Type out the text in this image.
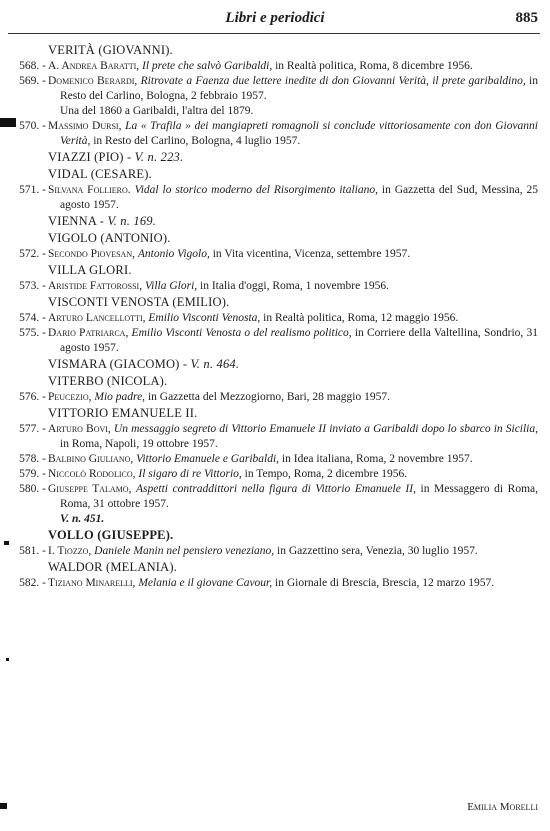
Libri e periodici	885
VERITÀ (GIOVANNI).
568. - A. Andrea Baratti, Il prete che salvò Garibaldi, in Realtà politica, Roma, 8 dicembre 1956.
569. - Domenico Berardi, Ritrovate a Faenza due lettere inedite di don Giovanni Verità, il prete garibaldino, in Resto del Carlino, Bologna, 2 febbraio 1957.
Una del 1860 a Garibaldi, l'altra del 1879.
570. - Massimo Dursi, La « Trafila » dei mangiapreti romagnoli si conclude vittoriosamente con don Giovanni Verità, in Resto del Carlino, Bologna, 4 luglio 1957.
VIAZZI (PIO) - V. n. 223.
VIDAL (CESARE).
571. - Silvana Folliero. Vidal lo storico moderno del Risorgimento italiano, in Gazzetta del Sud, Messina, 25 agosto 1957.
VIENNA - V. n. 169.
VIGOLO (ANTONIO).
572. - Secondo Piovesan, Antonio Vigolo, in Vita vicentina, Vicenza, settembre 1957.
VILLA GLORI.
573. - Aristide Fattorossi, Villa Glori, in Italia d'oggi, Roma, 1 novembre 1956.
VISCONTI VENOSTA (EMILIO).
574. - Arturo Lancellotti, Emilio Visconti Venosta, in Realtà politica, Roma, 12 maggio 1956.
575. - Dario Patriarca, Emilio Visconti Venosta o del realismo politico, in Corriere della Valtellina, Sondrio, 31 agosto 1957.
VISMARA (GIACOMO) - V. n. 464.
VITERBO (NICOLA).
576. - Peucezio, Mio padre, in Gazzetta del Mezzogiorno, Bari, 28 maggio 1957.
VITTORIO EMANUELE II.
577. - Arturo Bovi, Un messaggio segreto di Vittorio Emanuele II inviato a Garibaldi dopo lo sbarco in Sicilia, in Roma, Napoli, 19 ottobre 1957.
578. - Balbino Giuliano, Vittorio Emanuele e Garibaldi, in Idea italiana, Roma, 2 novembre 1957.
579. - Niccolò Rodolico, Il sigaro di re Vittorio, in Tempo, Roma, 2 dicembre 1956.
580. - Giuseppe Talamo, Aspetti contraddittori nella figura di Vittorio Emanuele II, in Messaggero di Roma, Roma, 31 ottobre 1957.
V. n. 451.
VOLLO (GIUSEPPE).
581. - I. Tiozzo, Daniele Manin nel pensiero veneziano, in Gazzettino sera, Venezia, 30 luglio 1957.
WALDOR (MELANIA).
582. - Tiziano Minarelli, Melania e il giovane Cavour, in Giornale di Brescia, Brescia, 12 marzo 1957.
Emilia Morelli
